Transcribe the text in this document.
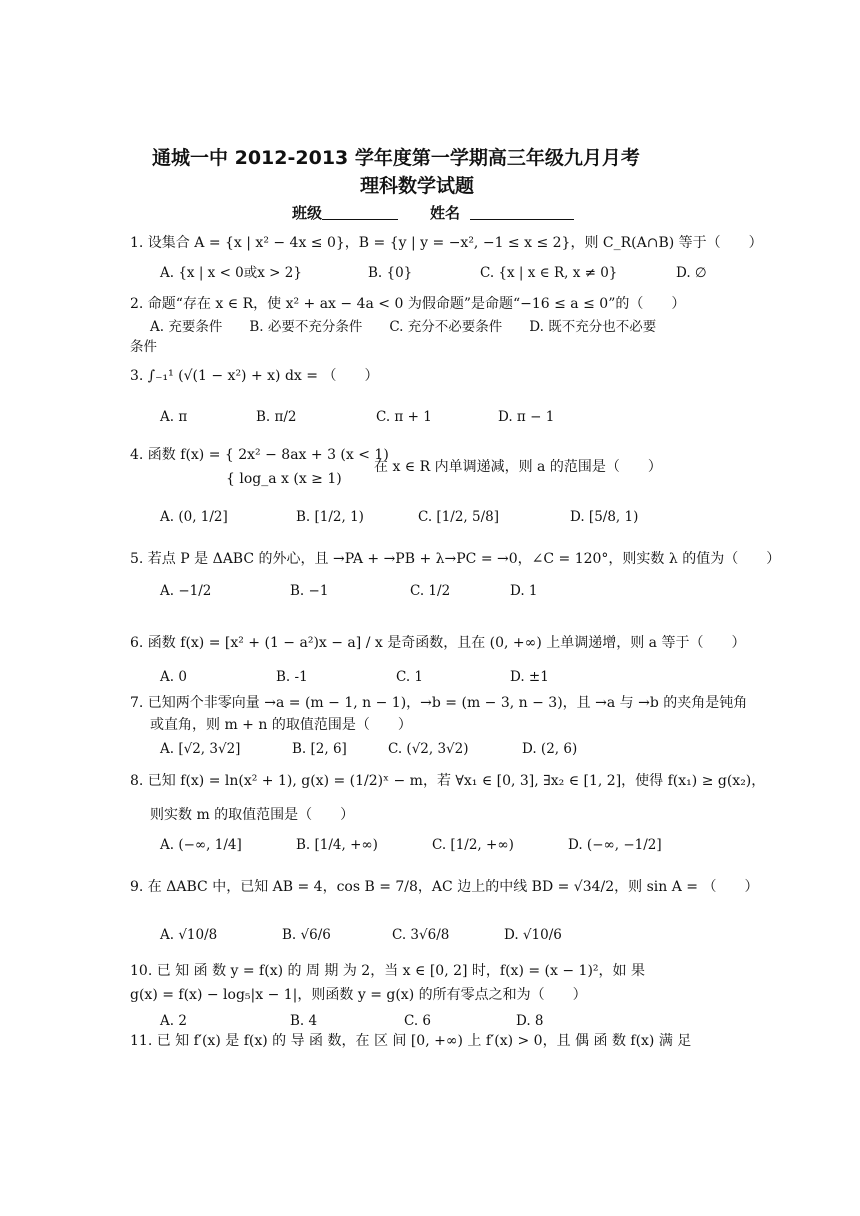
通城一中 2012-2013 学年度第一学期高三年级九月月考
理科数学试题
班级	姓名
1. 设集合 A = {x | x² − 4x ≤ 0}，B = {y | y = −x², −1 ≤ x ≤ 2}，则 C_R(A∩B) 等于（　　）
A. {x | x < 0或x > 2}	B. {0}	C. {x | x ∈ R, x ≠ 0}	D. ∅
2. 命题“存在 x ∈ R，使 x² + ax − 4a < 0 为假命题”是命题“−16 ≤ a ≤ 0”的（　　）
A. 充要条件　　B. 必要不充分条件　　C. 充分不必要条件　　D. 既不充分也不必要
条件
3. ∫₋₁¹ (√(1 − x²) + x) dx = （　　）
A. π	B. π/2	C. π + 1	D. π − 1
4. 函数 f(x) = { 2x² − 8ax + 3 (x < 1)
{ log_a x (x ≥ 1)
在 x ∈ R 内单调递减，则 a 的范围是（　　）
A. (0, 1/2]	B. [1/2, 1)	C. [1/2, 5/8]	D. [5/8, 1)
5. 若点 P 是 ΔABC 的外心，且 →PA + →PB + λ→PC = →0，∠C = 120°，则实数 λ 的值为（　　）
A. −1/2	B. −1	C. 1/2	D. 1
6. 函数 f(x) = [x² + (1 − a²)x − a] / x 是奇函数，且在 (0, +∞) 上单调递增，则 a 等于（　　）
A. 0	B. -1	C. 1	D. ±1
7. 已知两个非零向量 →a = (m − 1, n − 1)，→b = (m − 3, n − 3)，且 →a 与 →b 的夹角是钝角
或直角，则 m + n 的取值范围是（　　）
A. [√2, 3√2]	B. [2, 6]	C. (√2, 3√2)	D. (2, 6)
8. 已知 f(x) = ln(x² + 1), g(x) = (1/2)ˣ − m，若 ∀x₁ ∈ [0, 3], ∃x₂ ∈ [1, 2]，使得 f(x₁) ≥ g(x₂)，
则实数 m 的取值范围是（　　）
A. (−∞, 1/4]	B. [1/4, +∞)	C. [1/2, +∞)	D. (−∞, −1/2]
9. 在 ΔABC 中，已知 AB = 4，cos B = 7/8，AC 边上的中线 BD = √34/2，则 sin A = （　　）
A. √10/8	B. √6/6	C. 3√6/8	D. √10/6
10. 已 知 函 数 y = f(x) 的 周 期 为 2，当 x ∈ [0, 2] 时，f(x) = (x − 1)²，如 果
g(x) = f(x) − log₅|x − 1|，则函数 y = g(x) 的所有零点之和为（　　）
A. 2	B. 4	C. 6	D. 8
11. 已 知 f′(x) 是 f(x) 的 导 函 数，在 区 间 [0, +∞) 上 f′(x) > 0，且 偶 函 数 f(x) 满 足
